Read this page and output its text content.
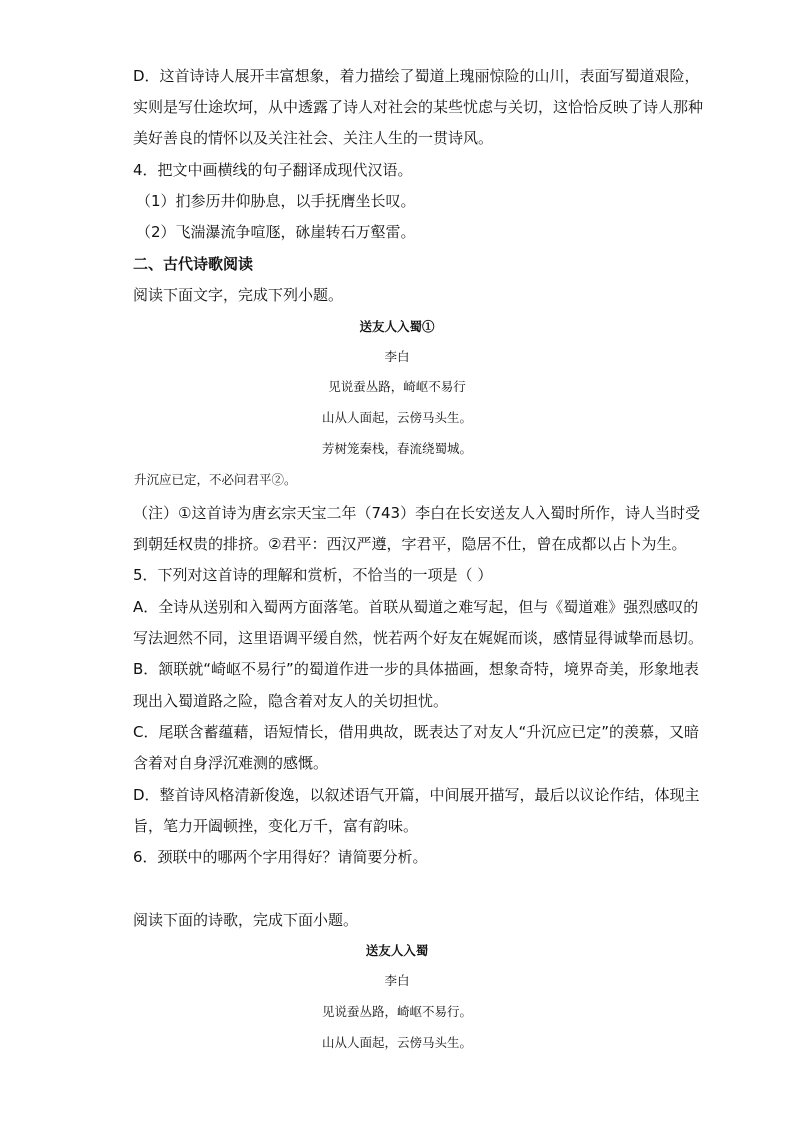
D．这首诗诗人展开丰富想象，着力描绘了蜀道上瑰丽惊险的山川，表面写蜀道艰险，
实则是写仕途坎坷，从中透露了诗人对社会的某些忧虑与关切，这恰恰反映了诗人那种
美好善良的情怀以及关注社会、关注人生的一贯诗风。
4．把文中画横线的句子翻译成现代汉语。
（1）扪参历井仰胁息，以手抚膺坐长叹。
（2）飞湍瀑流争喧豗，砯崖转石万壑雷。
二、古代诗歌阅读
阅读下面文字，完成下列小题。
送友人入蜀①
李白
见说蚕丛路，崎岖不易行
山从人面起，云傍马头生。
芳树笼秦栈，春流绕蜀城。
升沉应已定，不必问君平②。
（注）①这首诗为唐玄宗天宝二年（743）李白在长安送友人入蜀时所作，诗人当时受
到朝廷权贵的排挤。②君平：西汉严遵，字君平，隐居不仕，曾在成都以占卜为生。
5．下列对这首诗的理解和赏析，不恰当的一项是（ ）
A．全诗从送别和入蜀两方面落笔。首联从蜀道之难写起，但与《蜀道难》强烈感叹的
写法迥然不同，这里语调平缓自然，恍若两个好友在娓娓而谈，感情显得诚挚而恳切。
B．颔联就“崎岖不易行”的蜀道作进一步的具体描画，想象奇特，境界奇美，形象地表
现出入蜀道路之险，隐含着对友人的关切担忧。
C．尾联含蓄蕴藉，语短情长，借用典故，既表达了对友人“升沉应已定”的羡慕，又暗
含着对自身浮沉难测的感慨。
D．整首诗风格清新俊逸，以叙述语气开篇，中间展开描写，最后以议论作结，体现主
旨，笔力开阖顿挫，变化万千，富有韵味。
6．颈联中的哪两个字用得好？请简要分析。
阅读下面的诗歌，完成下面小题。
送友人入蜀
李白
见说蚕丛路，崎岖不易行。
山从人面起，云傍马头生。
